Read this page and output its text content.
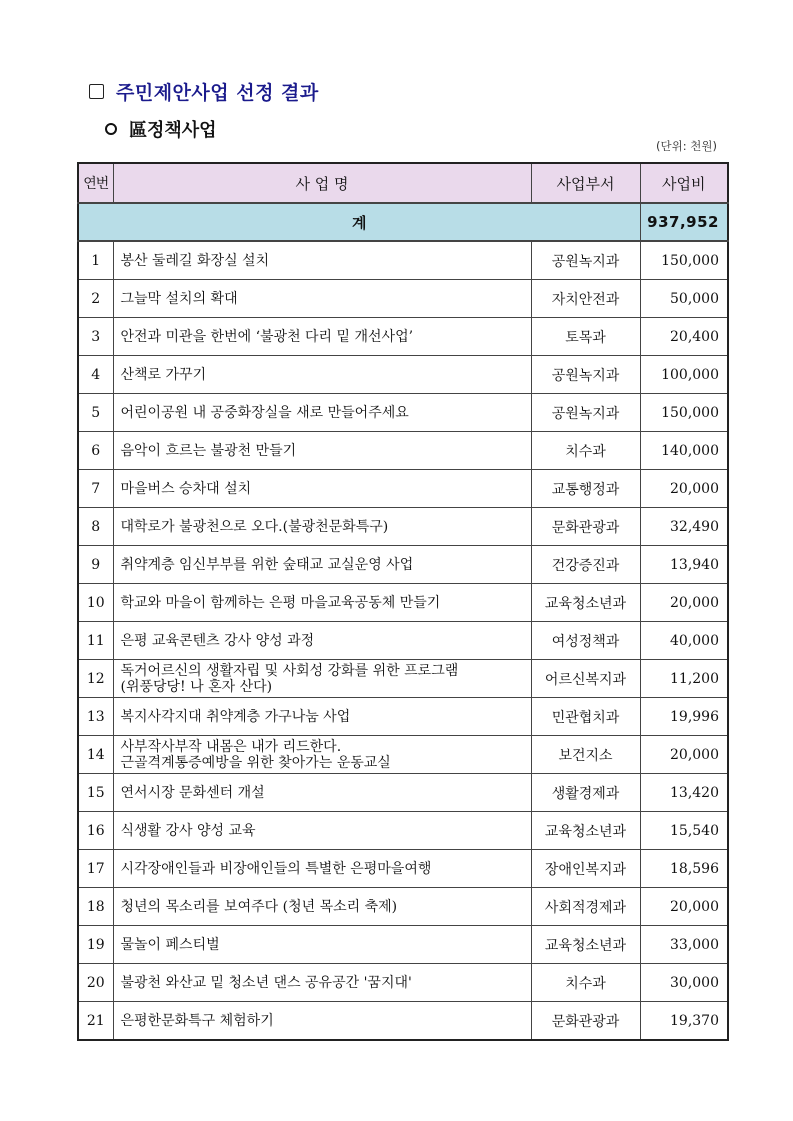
주민제안사업 선정 결과
區정책사업
(단위: 천원)
연번	사 업 명	사업부서	사업비
계			937,952
1	봉산 둘레길 화장실 설치	공원녹지과	150,000
2	그늘막 설치의 확대	자치안전과	50,000
3	안전과 미관을 한번에 ‘불광천 다리 밑 개선사업’	토목과	20,400
4	산책로 가꾸기	공원녹지과	100,000
5	어린이공원 내 공중화장실을 새로 만들어주세요	공원녹지과	150,000
6	음악이 흐르는 불광천 만들기	치수과	140,000
7	마을버스 승차대 설치	교통행정과	20,000
8	대학로가 불광천으로 오다.(불광천문화특구)	문화관광과	32,490
9	취약계층 임신부부를 위한 숲태교 교실운영 사업	건강증진과	13,940
10	학교와 마을이 함께하는 은평 마을교육공동체 만들기	교육청소년과	20,000
11	은평 교육콘텐츠 강사 양성 과정	여성정책과	40,000
12	독거어르신의 생활자립 및 사회성 강화를 위한 프로그램
(위풍당당! 나 혼자 산다)	어르신복지과	11,200
13	복지사각지대 취약계층 가구나눔 사업	민관협치과	19,996
14	사부작사부작 내몸은 내가 리드한다.
근골격계통증예방을 위한 찾아가는 운동교실	보건지소	20,000
15	연서시장 문화센터 개설	생활경제과	13,420
16	식생활 강사 양성 교육	교육청소년과	15,540
17	시각장애인들과 비장애인들의 특별한 은평마을여행	장애인복지과	18,596
18	청년의 목소리를 보여주다 (청년 목소리 축제)	사회적경제과	20,000
19	물놀이 페스티벌	교육청소년과	33,000
20	불광천 와산교 밑 청소년 댄스 공유공간 '꿈지대'	치수과	30,000
21	은평한문화특구 체험하기	문화관광과	19,370
